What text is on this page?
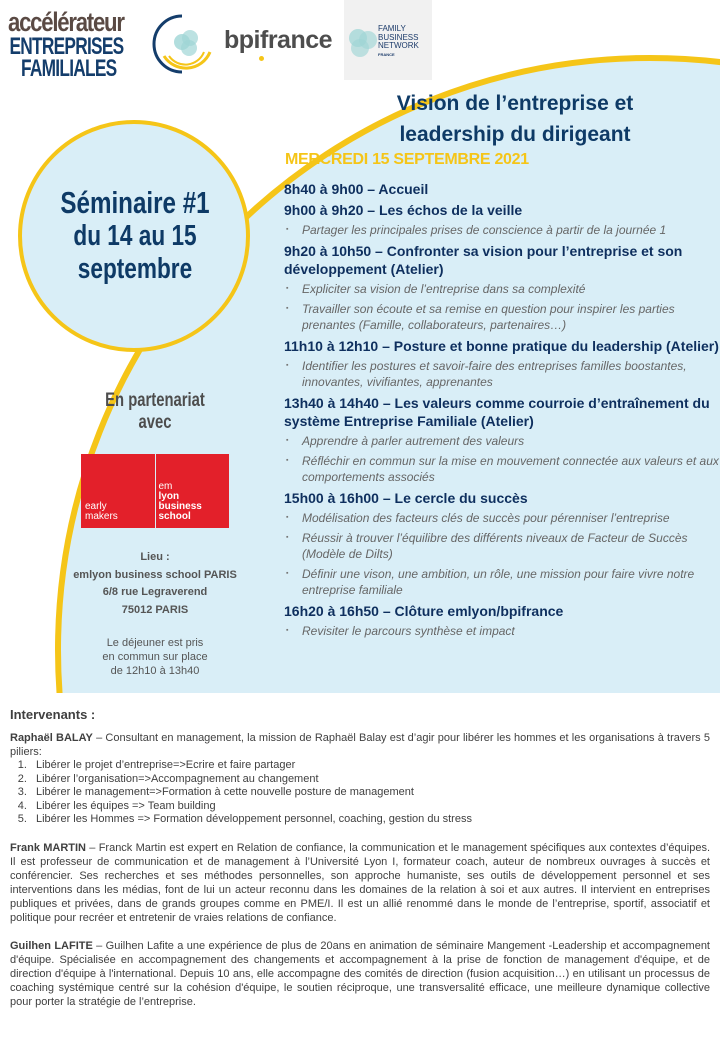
accélérateur
ENTREPRISES
FAMILIALES
bpifrance	FAMILY
BUSINESS
NETWORK
FRANCE
Vision de l’entreprise et
leadership du dirigeant
MERCREDI 15 SEPTEMBRE 2021
Séminaire #1
du 14 au 15
septembre
8h40 à 9h00 – Accueil
9h00 à 9h20 – Les échos de la veille
▪ Partager les principales prises de conscience à partir de la journée 1
9h20 à 10h50 – Confronter sa vision pour l’entreprise et son développement (Atelier)
▪ Expliciter sa vision de l’entreprise dans sa complexité
▪ Travailler son écoute et sa remise en question pour inspirer les parties prenantes (Famille, collaborateurs, partenaires…)
11h10 à 12h10 – Posture et bonne pratique du leadership (Atelier)
▪ Identifier les postures et savoir-faire des entreprises familles boostantes, innovantes, vivifiantes, apprenantes
13h40 à 14h40 – Les valeurs comme courroie d’entraînement du système Entreprise Familiale (Atelier)
▪ Apprendre à parler autrement des valeurs
▪ Réfléchir en commun sur la mise en mouvement connectée aux valeurs et aux comportements associés
15h00 à 16h00 – Le cercle du succès
▪ Modélisation des facteurs clés de succès pour pérenniser l’entreprise
▪ Réussir à trouver l’équilibre des différents niveaux de Facteur de Succès (Modèle de Dilts)
▪ Définir une vison, une ambition, un rôle, une mission pour faire vivre notre entreprise familiale
16h20 à 16h50 – Clôture emlyon/bpifrance
▪ Revisiter le parcours synthèse et impact
En partenariat
avec
early
makers
em
lyon
business
school
Lieu :
emlyon business school PARIS
6/8 rue Legraverend
75012 PARIS
Le déjeuner est pris
en commun sur place
de 12h10 à 13h40
Intervenants :

Raphaël BALAY – Consultant en management, la mission de Raphaël Balay est d’agir pour libérer les hommes et les organisations à travers 5 piliers:

1. Libérer le projet d’entreprise=>Ecrire et faire partager
2. Libérer l’organisation=>Accompagnement au changement
3. Libérer le management=>Formation à cette nouvelle posture de management
4. Libérer les équipes => Team building
5. Libérer les Hommes => Formation développement personnel, coaching, gestion du stress

Frank MARTIN – Franck Martin est expert en Relation de confiance, la communication et le management spécifiques aux contextes d’équipes. Il est professeur de communication et de management à l’Université Lyon I, formateur coach, auteur de nombreux ouvrages à succès et conférencier. Ses recherches et ses méthodes personnelles, son approche humaniste, ses outils de développement personnel et ses interventions dans les médias, font de lui un acteur reconnu dans les domaines de la relation à soi et aux autres. Il intervient en entreprises publiques et privées, dans de grands groupes comme en PME/I. Il est un allié renommé dans le monde de l’entreprise, sportif, associatif et politique pour recréer et entretenir de vraies relations de confiance.

Guilhen LAFITE – Guilhen Lafite a une expérience de plus de 20ans en animation de séminaire Mangement -Leadership et accompagnement d'équipe. Spécialisée en accompagnement des changements et accompagnement à la prise de fonction de management d'équipe, et de direction d'équipe à l'international. Depuis 10 ans, elle accompagne des comités de direction (fusion acquisition…) en utilisant un processus de coaching systémique centré sur la cohésion d'équipe, le soutien réciproque, une transversalité efficace, une meilleure dynamique collective pour porter la stratégie de l’entreprise.
